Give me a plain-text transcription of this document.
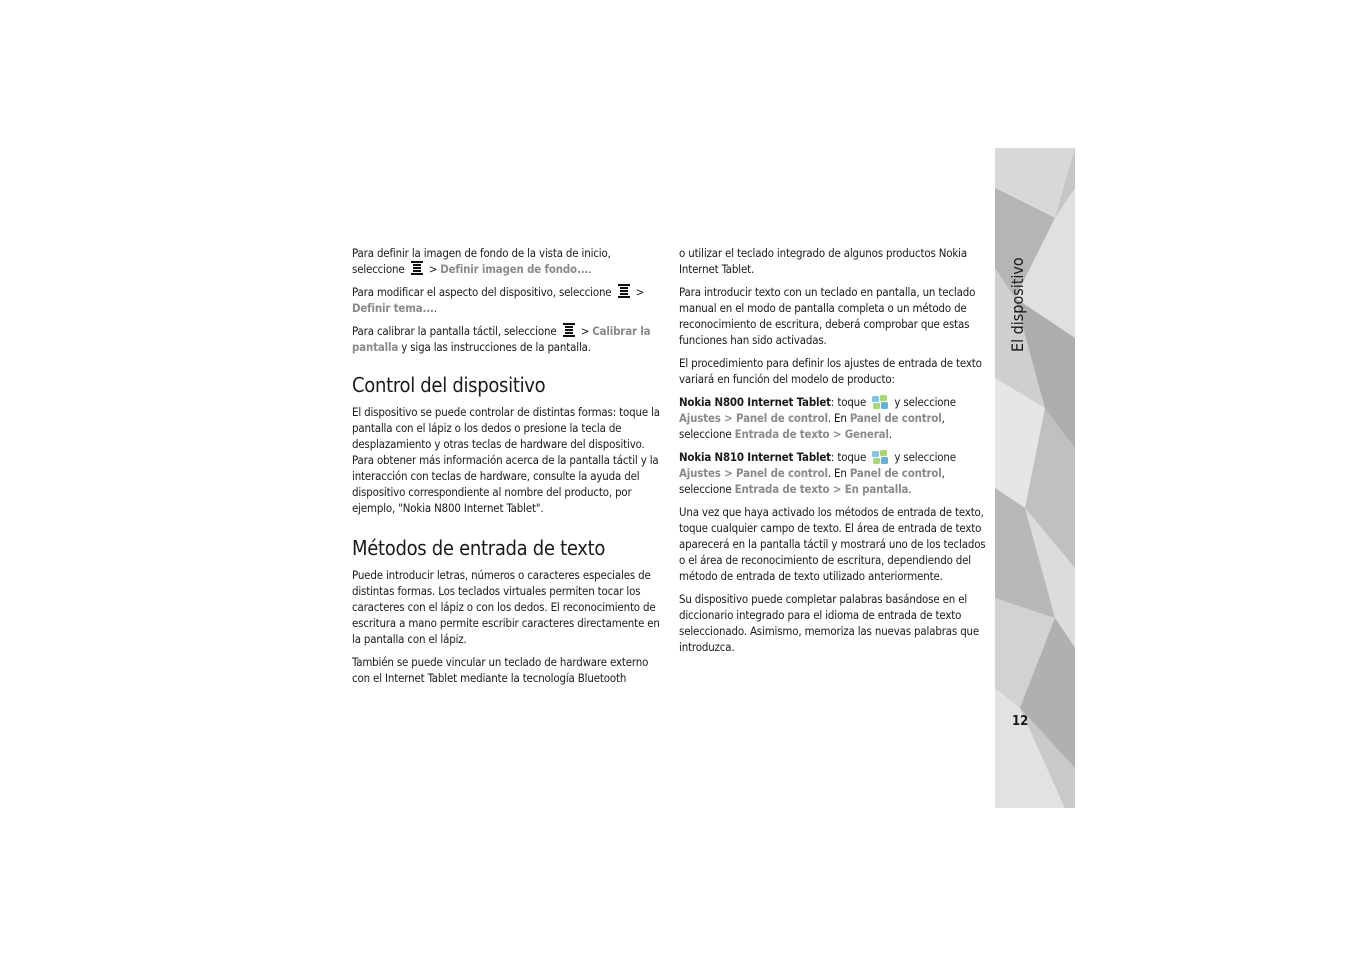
Para definir la imagen de fondo de la vista de inicio, seleccione  > Definir imagen de fondo....

Para modificar el aspecto del dispositivo, seleccione  > Definir tema....

Para calibrar la pantalla táctil, seleccione  > Calibrar la pantalla y siga las instrucciones de la pantalla.

Control del dispositivo

El dispositivo se puede controlar de distintas formas: toque la pantalla con el lápiz o los dedos o presione la tecla de desplazamiento y otras teclas de hardware del dispositivo. Para obtener más información acerca de la pantalla táctil y la interacción con teclas de hardware, consulte la ayuda del dispositivo correspondiente al nombre del producto, por ejemplo, "Nokia N800 Internet Tablet".

Métodos de entrada de texto

Puede introducir letras, números o caracteres especiales de distintas formas. Los teclados virtuales permiten tocar los caracteres con el lápiz o con los dedos. El reconocimiento de escritura a mano permite escribir caracteres directamente en la pantalla con el lápiz.

También se puede vincular un teclado de hardware externo con el Internet Tablet mediante la tecnología Bluetooth

o utilizar el teclado integrado de algunos productos Nokia Internet Tablet.

Para introducir texto con un teclado en pantalla, un teclado manual en el modo de pantalla completa o un método de reconocimiento de escritura, deberá comprobar que estas funciones han sido activadas.

El procedimiento para definir los ajustes de entrada de texto variará en función del modelo de producto:

Nokia N800 Internet Tablet: toque  y seleccione Ajustes > Panel de control. En Panel de control, seleccione Entrada de texto > General.

Nokia N810 Internet Tablet: toque  y seleccione Ajustes > Panel de control. En Panel de control, seleccione Entrada de texto > En pantalla.

Una vez que haya activado los métodos de entrada de texto, toque cualquier campo de texto. El área de entrada de texto aparecerá en la pantalla táctil y mostrará uno de los teclados o el área de reconocimiento de escritura, dependiendo del método de entrada de texto utilizado anteriormente.

Su dispositivo puede completar palabras basándose en el diccionario integrado para el idioma de entrada de texto seleccionado. Asimismo, memoriza las nuevas palabras que introduzca.

El dispositivo
12
